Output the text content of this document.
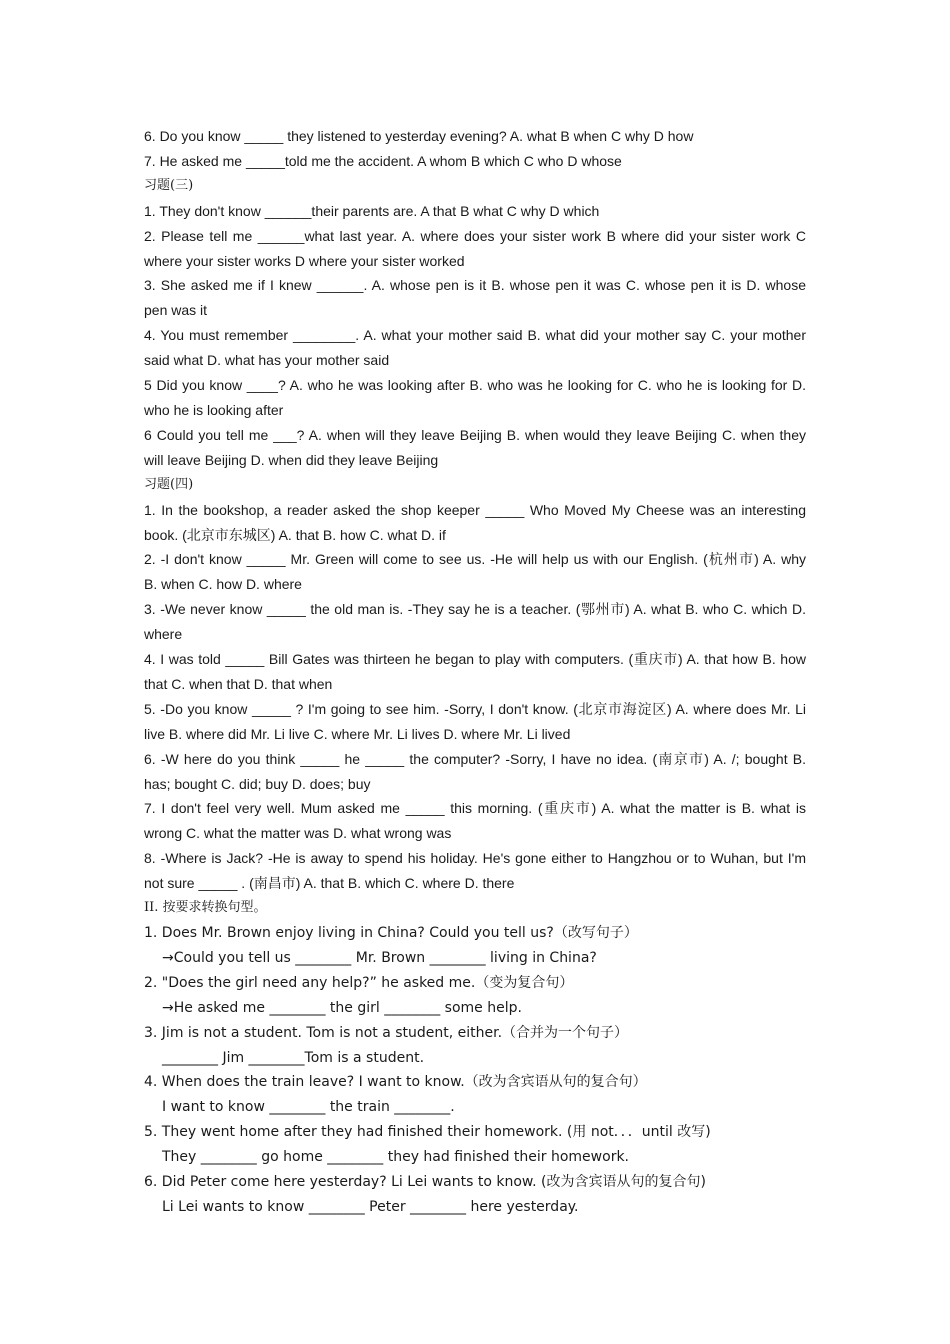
6. Do you know _____ they listened to yesterday evening? A. what B when C why D how
7. He asked me _____told me the accident. A whom B which C who D whose
习题(三)
1. They don't know ______their parents are. A that B what C why D which
2. Please tell me ______what last year. A. where does your sister work B where did your sister work C
where your sister works D where your sister worked
3. She asked me if I knew ______. A. whose pen is it B. whose pen it was C. whose pen it is D. whose
pen was it
4. You must remember ________. A. what your mother said B. what did your mother say C. your mother
said what D. what has your mother said
5 Did you know ____? A. who he was looking after B. who was he looking for C. who he is looking for D.
who he is looking after
6 Could you tell me ___? A. when will they leave Beijing B. when would they leave Beijing C. when they
will leave Beijing D. when did they leave Beijing
习题(四)
1. In the bookshop, a reader asked the shop keeper _____ Who Moved My Cheese was an interesting
book. (北京市东城区) A. that B. how C. what D. if
2. -I don't know _____ Mr. Green will come to see us. -He will help us with our English. (杭州市) A. why
B. when C. how D. where
3. -We never know _____ the old man is. -They say he is a teacher. (鄂州市) A. what B. who C. which D.
where
4. I was told _____ Bill Gates was thirteen he began to play with computers. (重庆市) A. that how B. how
that C. when that D. that when
5. -Do you know _____ ? I'm going to see him. -Sorry, I don't know. (北京市海淀区) A. where does Mr. Li
live B. where did Mr. Li live C. where Mr. Li lives D. where Mr. Li lived
6. -W here do you think _____ he _____ the computer? -Sorry, I have no idea. (南京市) A. /; bought B.
has; bought C. did; buy D. does; buy
7. I don't feel very well. Mum asked me _____ this morning. (重庆市) A. what the matter is B. what is
wrong C. what the matter was D. what wrong was
8. -Where is Jack? -He is away to spend his holiday. He's gone either to Hangzhou or to Wuhan, but I'm
not sure _____ . (南昌市) A. that B. which C. where D. there
II. 按要求转换句型。
1. Does Mr. Brown enjoy living in China? Could you tell us?（改写句子）
→Could you tell us ________ Mr. Brown ________ living in China?
2. "Does the girl need any help?” he asked me.（变为复合句）
→He asked me ________ the girl ________ some help.
3. Jim is not a student. Tom is not a student, either.（合并为一个句子）
________ Jim ________Tom is a student.
4. When does the train leave? I want to know.（改为含宾语从句的复合句）
I want to know ________ the train ________.
5. They went home after they had finished their homework. (用 not．．．until 改写)
They ________ go home ________ they had finished their homework.
6. Did Peter come here yesterday? Li Lei wants to know. (改为含宾语从句的复合句)
Li Lei wants to know ________ Peter ________ here yesterday.
